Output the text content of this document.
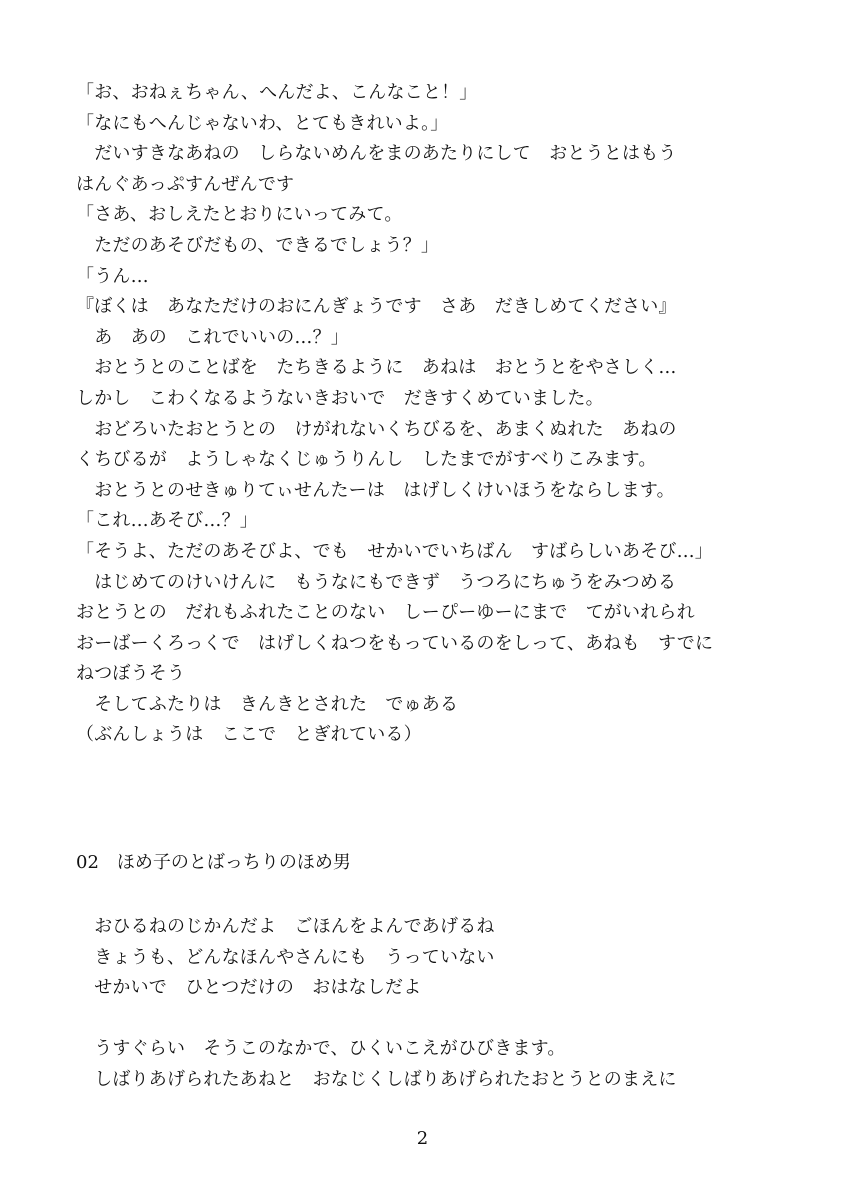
「お、おねぇちゃん、へんだよ、こんなこと！」
「なにもへんじゃないわ、とてもきれいよ。」
　だいすきなあねの　しらないめんをまのあたりにして　おとうとはもう
はんぐあっぷすんぜんです
「さあ、おしえたとおりにいってみて。
　ただのあそびだもの、できるでしょう？」
「うん…
『ぼくは　あなただけのおにんぎょうです　さあ　だきしめてください』
　あ　あの　これでいいの…？」
　おとうとのことばを　たちきるように　あねは　おとうとをやさしく…
しかし　こわくなるようないきおいで　だきすくめていました。
　おどろいたおとうとの　けがれないくちびるを、あまくぬれた　あねの
くちびるが　ようしゃなくじゅうりんし　したまでがすべりこみます。
　おとうとのせきゅりてぃせんたーは　はげしくけいほうをならします。
「これ…あそび…？」
「そうよ、ただのあそびよ、でも　せかいでいちばん　すばらしいあそび…」
　はじめてのけいけんに　もうなにもできず　うつろにちゅうをみつめる
おとうとの　だれもふれたことのない　しーぴーゆーにまで　てがいれられ
おーばーくろっくで　はげしくねつをもっているのをしって、あねも　すでに
ねつぼうそう
　そしてふたりは　きんきとされた　でゅある
（ぶんしょうは　ここで　とぎれている）
02　ほめ子のとばっちりのほめ男
　おひるねのじかんだよ　ごほんをよんであげるね
　きょうも、どんなほんやさんにも　うっていない
　せかいで　ひとつだけの　おはなしだよ
　うすぐらい　そうこのなかで、ひくいこえがひびきます。
　しばりあげられたあねと　おなじくしばりあげられたおとうとのまえに
2
